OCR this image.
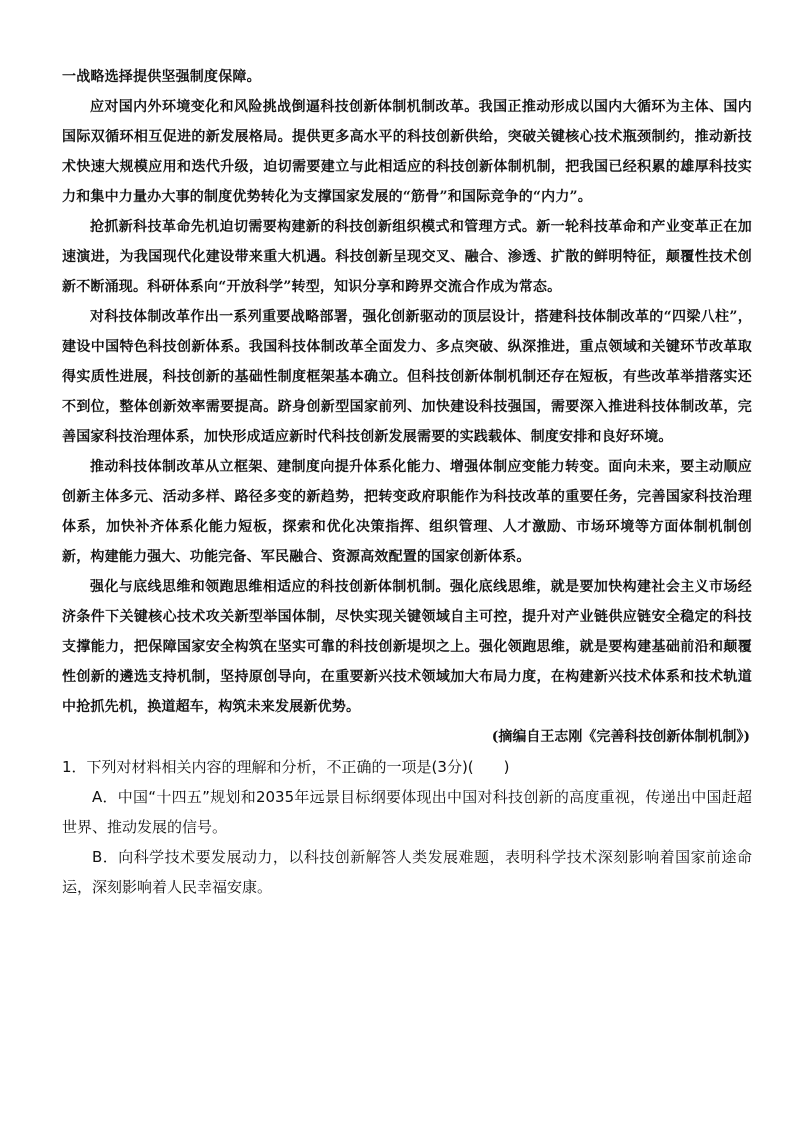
一战略选择提供坚强制度保障。

应对国内外环境变化和风险挑战倒逼科技创新体制机制改革。我国正推动形成以国内大循环为主体、国内国际双循环相互促进的新发展格局。提供更多高水平的科技创新供给，突破关键核心技术瓶颈制约，推动新技术快速大规模应用和迭代升级，迫切需要建立与此相适应的科技创新体制机制，把我国已经积累的雄厚科技实力和集中力量办大事的制度优势转化为支撑国家发展的“筋骨”和国际竞争的“内力”。

抢抓新科技革命先机迫切需要构建新的科技创新组织模式和管理方式。新一轮科技革命和产业变革正在加速演进，为我国现代化建设带来重大机遇。科技创新呈现交叉、融合、渗透、扩散的鲜明特征，颠覆性技术创新不断涌现。科研体系向“开放科学”转型，知识分享和跨界交流合作成为常态。

对科技体制改革作出一系列重要战略部署，强化创新驱动的顶层设计，搭建科技体制改革的“四梁八柱”，建设中国特色科技创新体系。我国科技体制改革全面发力、多点突破、纵深推进，重点领域和关键环节改革取得实质性进展，科技创新的基础性制度框架基本确立。但科技创新体制机制还存在短板，有些改革举措落实还不到位，整体创新效率需要提高。跻身创新型国家前列、加快建设科技强国，需要深入推进科技体制改革，完善国家科技治理体系，加快形成适应新时代科技创新发展需要的实践载体、制度安排和良好环境。

推动科技体制改革从立框架、建制度向提升体系化能力、增强体制应变能力转变。面向未来，要主动顺应创新主体多元、活动多样、路径多变的新趋势，把转变政府职能作为科技改革的重要任务，完善国家科技治理体系，加快补齐体系化能力短板，探索和优化决策指挥、组织管理、人才激励、市场环境等方面体制机制创新，构建能力强大、功能完备、军民融合、资源高效配置的国家创新体系。

强化与底线思维和领跑思维相适应的科技创新体制机制。强化底线思维，就是要加快构建社会主义市场经济条件下关键核心技术攻关新型举国体制，尽快实现关键领域自主可控，提升对产业链供应链安全稳定的科技支撑能力，把保障国家安全构筑在坚实可靠的科技创新堤坝之上。强化领跑思维，就是要构建基础前沿和颠覆性创新的遴选支持机制，坚持原创导向，在重要新兴技术领域加大布局力度，在构建新兴技术体系和技术轨道中抢抓先机，换道超车，构筑未来发展新优势。

(摘编自王志刚《完善科技创新体制机制》)

1．下列对材料相关内容的理解和分析，不正确的一项是(3分)(　　)

A．中国“十四五”规划和2035年远景目标纲要体现出中国对科技创新的高度重视，传递出中国赶超世界、推动发展的信号。

B．向科学技术要发展动力，以科技创新解答人类发展难题，表明科学技术深刻影响着国家前途命运，深刻影响着人民幸福安康。
